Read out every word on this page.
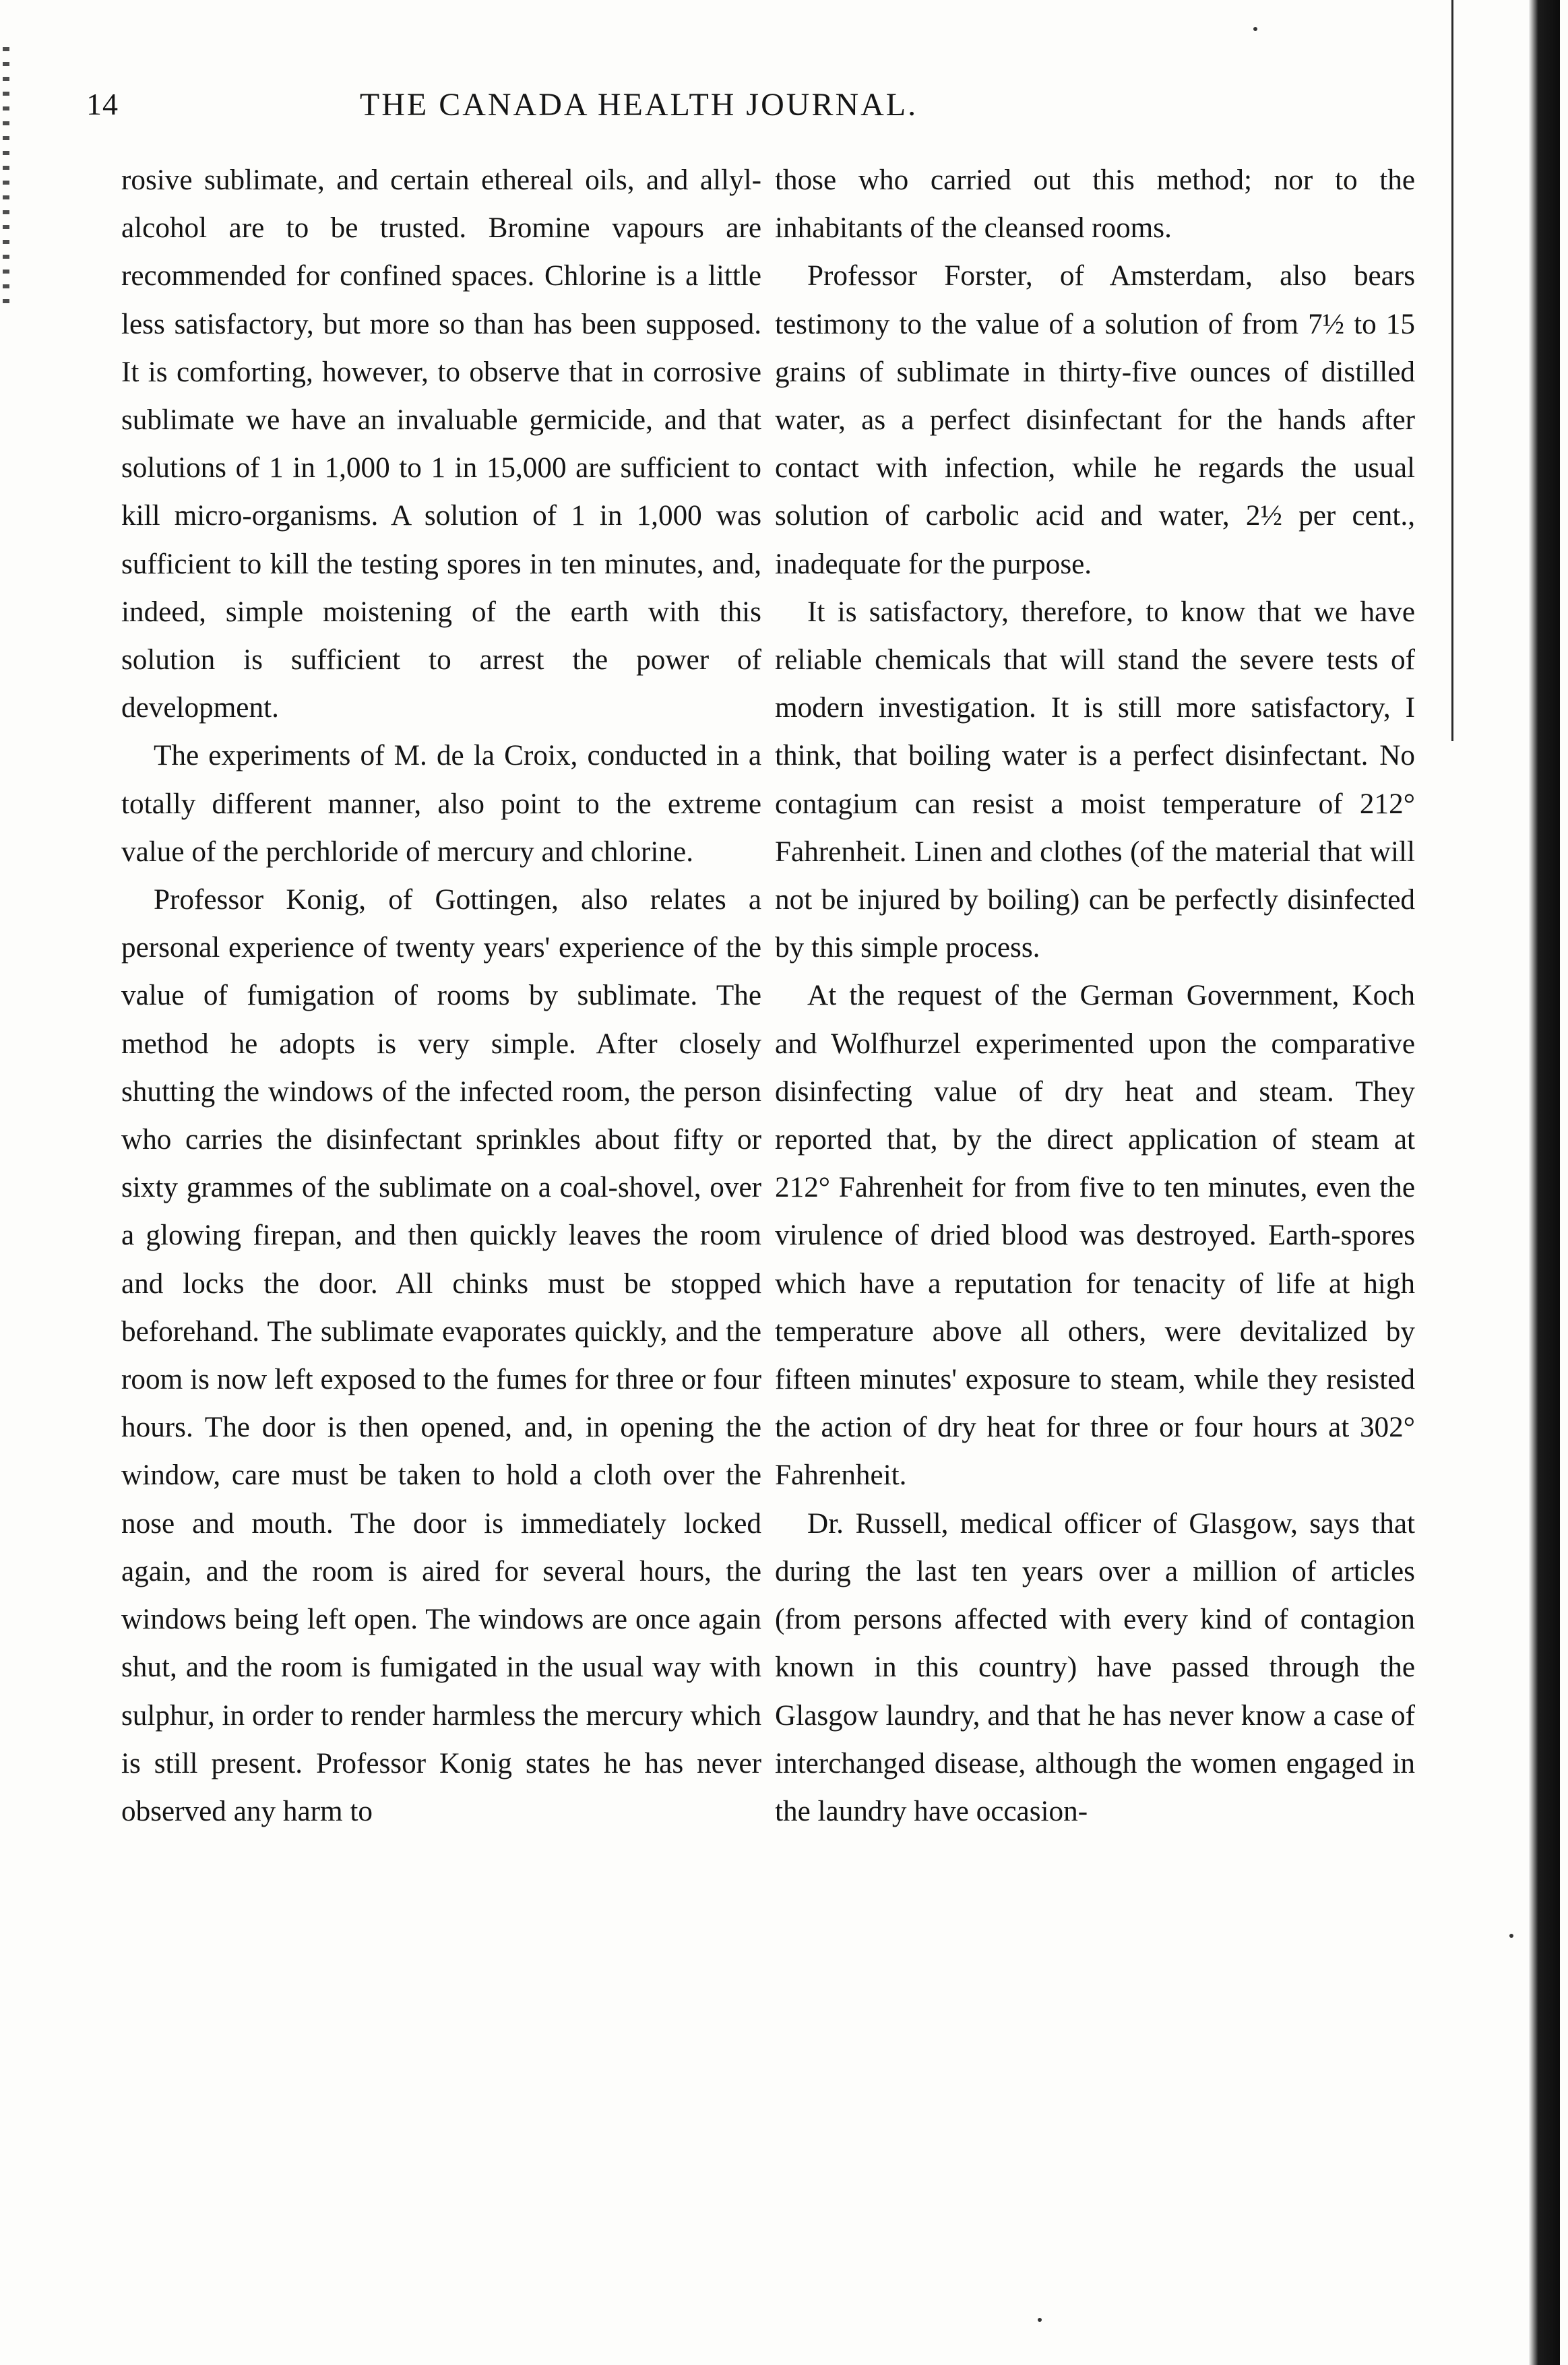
14	THE CANADA HEALTH JOURNAL.

rosive sublimate, and certain ethereal oils, and allyl-alcohol are to be trusted. Bromine vapours are recommended for confined spaces. Chlorine is a little less satisfactory, but more so than has been supposed. It is comforting, however, to observe that in corrosive sublimate we have an invaluable germicide, and that solutions of 1 in 1,000 to 1 in 15,000 are sufficient to kill micro-organisms. A solution of 1 in 1,000 was sufficient to kill the testing spores in ten minutes, and, indeed, simple moistening of the earth with this solution is sufficient to arrest the power of development.

The experiments of M. de la Croix, conducted in a totally different manner, also point to the extreme value of the perchloride of mercury and chlorine.

Professor Konig, of Gottingen, also relates a personal experience of twenty years' experience of the value of fumigation of rooms by sublimate. The method he adopts is very simple. After closely shutting the windows of the infected room, the person who carries the disinfectant sprinkles about fifty or sixty grammes of the sublimate on a coal-shovel, over a glowing firepan, and then quickly leaves the room and locks the door. All chinks must be stopped beforehand. The sublimate evaporates quickly, and the room is now left exposed to the fumes for three or four hours. The door is then opened, and, in opening the window, care must be taken to hold a cloth over the nose and mouth. The door is immediately locked again, and the room is aired for several hours, the windows being left open. The windows are once again shut, and the room is fumigated in the usual way with sulphur, in order to render harmless the mercury which is still present. Professor Konig states he has never observed any harm to

those who carried out this method; nor to the inhabitants of the cleansed rooms.

Professor Forster, of Amsterdam, also bears testimony to the value of a solution of from 7½ to 15 grains of sublimate in thirty-five ounces of distilled water, as a perfect disinfectant for the hands after contact with infection, while he regards the usual solution of carbolic acid and water, 2½ per cent., inadequate for the purpose.

It is satisfactory, therefore, to know that we have reliable chemicals that will stand the severe tests of modern investigation. It is still more satisfactory, I think, that boiling water is a perfect disinfectant. No contagium can resist a moist temperature of 212° Fahrenheit. Linen and clothes (of the material that will not be injured by boiling) can be perfectly disinfected by this simple process.

At the request of the German Government, Koch and Wolfhurzel experimented upon the comparative disinfecting value of dry heat and steam. They reported that, by the direct application of steam at 212° Fahrenheit for from five to ten minutes, even the virulence of dried blood was destroyed. Earth-spores which have a reputation for tenacity of life at high temperature above all others, were devitalized by fifteen minutes' exposure to steam, while they resisted the action of dry heat for three or four hours at 302° Fahrenheit.

Dr. Russell, medical officer of Glasgow, says that during the last ten years over a million of articles (from persons affected with every kind of contagion known in this country) have passed through the Glasgow laundry, and that he has never know a case of interchanged disease, although the women engaged in the laundry have occasion-
